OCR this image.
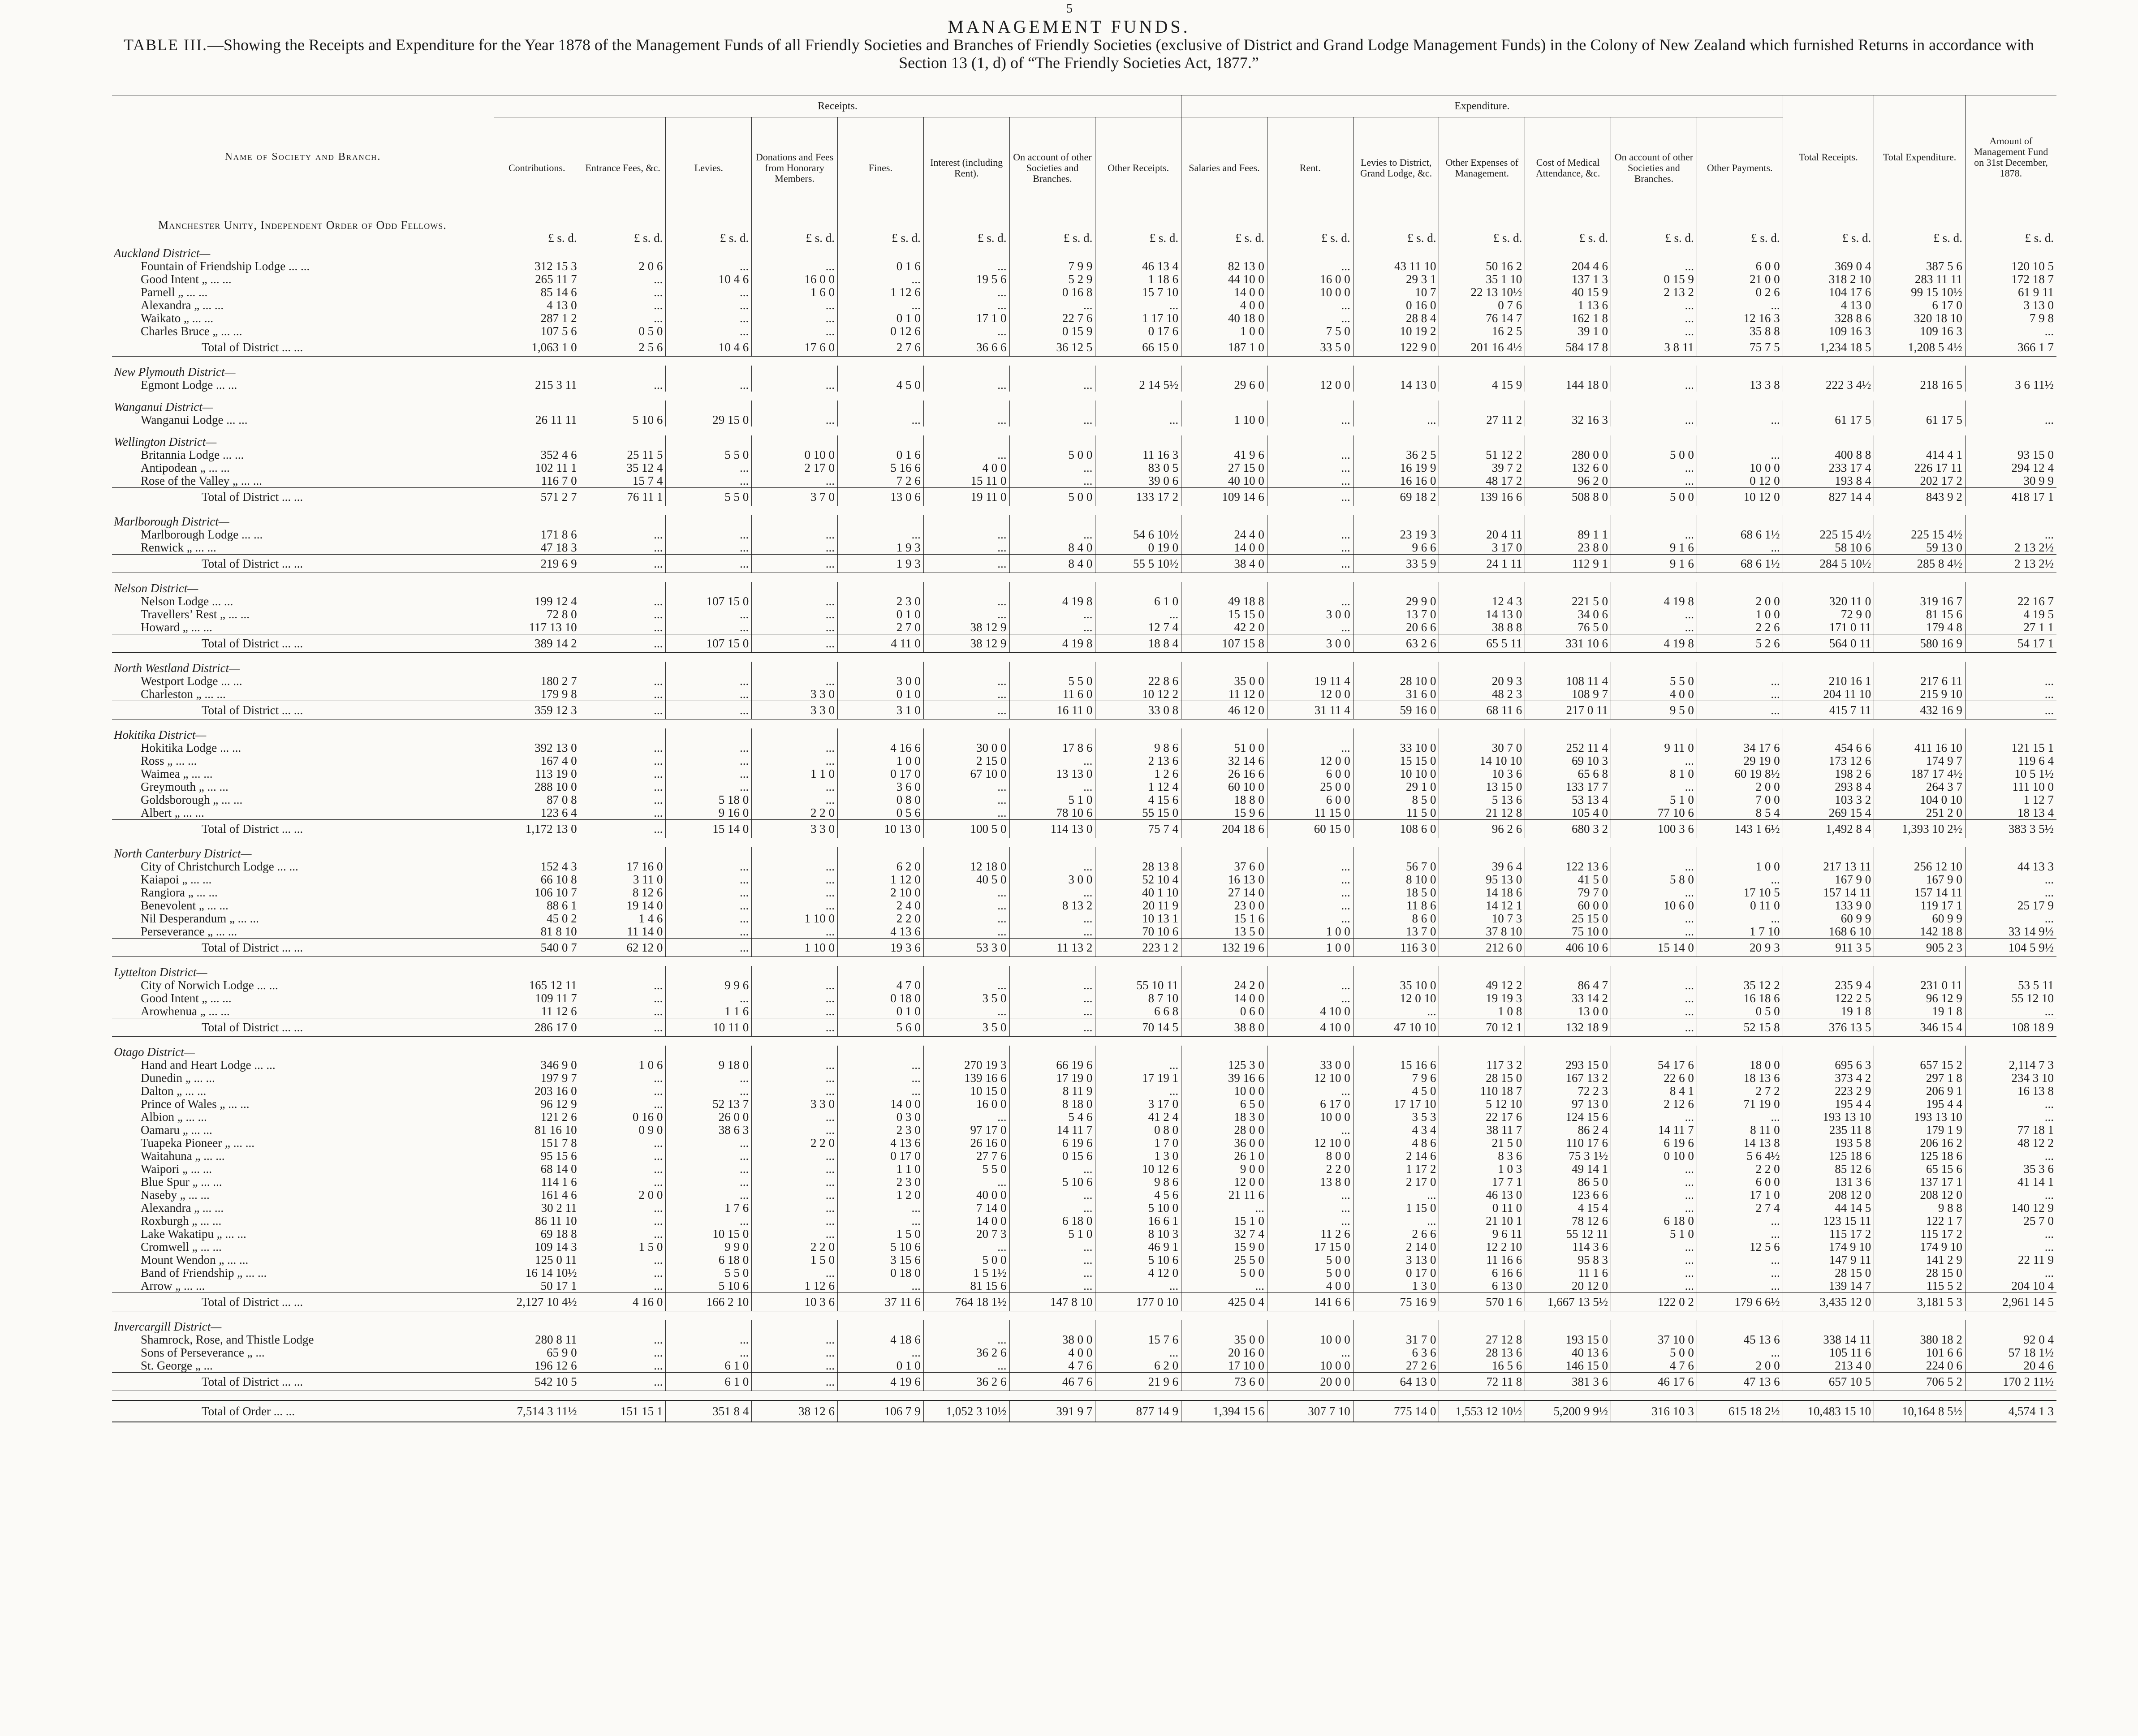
5
MANAGEMENT FUNDS.
TABLE III.—Showing the Receipts and Expenditure for the Year 1878 of the Management Funds of all Friendly Societies and Branches of Friendly Societies (exclusive of District and Grand Lodge Management Funds) in the Colony of New Zealand which furnished Returns in accordance with Section 13 (1, d) of “The Friendly Societies Act, 1877.”
Name of Society and Branch.	Receipts.								Expenditure.							Total Receipts.	Total Expenditure.	Amount of Management Fund on 31st December, 1878.
	Contributions.	Entrance Fees, &c.	Levies.	Donations and Fees from Honorary Members.	Fines.	Interest (including Rent).	On account of other Societies and Branches.	Other Receipts.	Salaries and Fees.	Rent.	Levies to District, Grand Lodge, &c.	Other Expenses of Management.	Cost of Medical Attendance, &c.	On account of other Societies and Branches.	Other Payments.			
Manchester Unity, Independent Order of Odd Fellows.																		
	£ s. d.	£ s. d.	£ s. d.	£ s. d.	£ s. d.	£ s. d.	£ s. d.	£ s. d.	£ s. d.	£ s. d.	£ s. d.	£ s. d.	£ s. d.	£ s. d.	£ s. d.	£ s. d.	£ s. d.	£ s. d.
Auckland District—																		
Fountain of Friendship Lodge ... ...	312 15 3	2 0 6	...	...	0 1 6	...	7 9 9	46 13 4	82 13 0	...	43 11 10	50 16 2	204 4 6	...	6 0 0	369 0 4	387 5 6	120 10 5
Good Intent „ ... ...	265 11 7	...	10 4 6	16 0 0	...	19 5 6	5 2 9	1 18 6	44 10 0	16 0 0	29 3 1	35 1 10	137 1 3	0 15 9	21 0 0	318 2 10	283 11 11	172 18 7
Parnell „ ... ...	85 14 6	...	...	1 6 0	1 12 6	...	0 16 8	15 7 10	14 0 0	10 0 0	10 7	22 13 10½	40 15 9	2 13 2	0 2 6	104 17 6	99 15 10½	61 9 11
Alexandra „ ... ...	4 13 0	...	...	...	...	...	...	...	4 0 0	...	0 16 0	0 7 6	1 13 6	...	...	4 13 0	6 17 0	3 13 0
Waikato „ ... ...	287 1 2	...	...	...	0 1 0	17 1 0	22 7 6	1 17 10	40 18 0	...	28 8 4	76 14 7	162 1 8	...	12 16 3	328 8 6	320 18 10	7 9 8
Charles Bruce „ ... ...	107 5 6	0 5 0	...	...	0 12 6	...	0 15 9	0 17 6	1 0 0	7 5 0	10 19 2	16 2 5	39 1 0	...	35 8 8	109 16 3	109 16 3	...
Total of District ... ...	1,063 1 0	2 5 6	10 4 6	17 6 0	2 7 6	36 6 6	36 12 5	66 15 0	187 1 0	33 5 0	122 9 0	201 16 4½	584 17 8	3 8 11	75 7 5	1,234 18 5	1,208 5 4½	366 1 7

New Plymouth District—																		
Egmont Lodge ... ...	215 3 11	...	...	...	4 5 0	...	...	2 14 5½	29 6 0	12 0 0	14 13 0	4 15 9	144 18 0	...	13 3 8	222 3 4½	218 16 5	3 6 11½

Wanganui District—																		
Wanganui Lodge ... ...	26 11 11	5 10 6	29 15 0	...	...	...	...	...	1 10 0	...	...	27 11 2	32 16 3	...	...	61 17 5	61 17 5	...

Wellington District—																		
Britannia Lodge ... ...	352 4 6	25 11 5	5 5 0	0 10 0	0 1 6	...	5 0 0	11 16 3	41 9 6	...	36 2 5	51 12 2	280 0 0	5 0 0	...	400 8 8	414 4 1	93 15 0
Antipodean „ ... ...	102 11 1	35 12 4	...	2 17 0	5 16 6	4 0 0	...	83 0 5	27 15 0	...	16 19 9	39 7 2	132 6 0	...	10 0 0	233 17 4	226 17 11	294 12 4
Rose of the Valley „ ... ...	116 7 0	15 7 4	...	...	7 2 6	15 11 0	...	39 0 6	40 10 0	...	16 16 0	48 17 2	96 2 0	...	0 12 0	193 8 4	202 17 2	30 9 9
Total of District ... ...	571 2 7	76 11 1	5 5 0	3 7 0	13 0 6	19 11 0	5 0 0	133 17 2	109 14 6	...	69 18 2	139 16 6	508 8 0	5 0 0	10 12 0	827 14 4	843 9 2	418 17 1

Marlborough District—																		
Marlborough Lodge ... ...	171 8 6	...	...	...	...	...	...	54 6 10½	24 4 0	...	23 19 3	20 4 11	89 1 1	...	68 6 1½	225 15 4½	225 15 4½	...
Renwick „ ... ...	47 18 3	...	...	...	1 9 3	...	8 4 0	0 19 0	14 0 0	...	9 6 6	3 17 0	23 8 0	9 1 6	...	58 10 6	59 13 0	2 13 2½
Total of District ... ...	219 6 9	...	...	...	1 9 3	...	8 4 0	55 5 10½	38 4 0	...	33 5 9	24 1 11	112 9 1	9 1 6	68 6 1½	284 5 10½	285 8 4½	2 13 2½

Nelson District—																		
Nelson Lodge ... ...	199 12 4	...	107 15 0	...	2 3 0	...	4 19 8	6 1 0	49 18 8	...	29 9 0	12 4 3	221 5 0	4 19 8	2 0 0	320 11 0	319 16 7	22 16 7
Travellers’ Rest „ ... ...	72 8 0	...	...	...	0 1 0	...	...	...	15 15 0	3 0 0	13 7 0	14 13 0	34 0 6	...	1 0 0	72 9 0	81 15 6	4 19 5
Howard „ ... ...	117 13 10	...	...	...	2 7 0	38 12 9	...	12 7 4	42 2 0	...	20 6 6	38 8 8	76 5 0	...	2 2 6	171 0 11	179 4 8	27 1 1
Total of District ... ...	389 14 2	...	107 15 0	...	4 11 0	38 12 9	4 19 8	18 8 4	107 15 8	3 0 0	63 2 6	65 5 11	331 10 6	4 19 8	5 2 6	564 0 11	580 16 9	54 17 1

North Westland District—																		
Westport Lodge ... ...	180 2 7	...	...	...	3 0 0	...	5 5 0	22 8 6	35 0 0	19 11 4	28 10 0	20 9 3	108 11 4	5 5 0	...	210 16 1	217 6 11	...
Charleston „ ... ...	179 9 8	...	...	3 3 0	0 1 0	...	11 6 0	10 12 2	11 12 0	12 0 0	31 6 0	48 2 3	108 9 7	4 0 0	...	204 11 10	215 9 10	...
Total of District ... ...	359 12 3	...	...	3 3 0	3 1 0	...	16 11 0	33 0 8	46 12 0	31 11 4	59 16 0	68 11 6	217 0 11	9 5 0	...	415 7 11	432 16 9	...

Hokitika District—																		
Hokitika Lodge ... ...	392 13 0	...	...	...	4 16 6	30 0 0	17 8 6	9 8 6	51 0 0	...	33 10 0	30 7 0	252 11 4	9 11 0	34 17 6	454 6 6	411 16 10	121 15 1
Ross „ ... ...	167 4 0	...	...	...	1 0 0	2 15 0	...	2 13 6	32 14 6	12 0 0	15 15 0	14 10 10	69 10 3	...	29 19 0	173 12 6	174 9 7	119 6 4
Waimea „ ... ...	113 19 0	...	...	1 1 0	0 17 0	67 10 0	13 13 0	1 2 6	26 16 6	6 0 0	10 10 0	10 3 6	65 6 8	8 1 0	60 19 8½	198 2 6	187 17 4½	10 5 1½
Greymouth „ ... ...	288 10 0	...	...	...	3 6 0	...	...	1 12 4	60 10 0	25 0 0	29 1 0	13 15 0	133 17 7	...	2 0 0	293 8 4	264 3 7	111 10 0
Goldsborough „ ... ...	87 0 8	...	5 18 0	...	0 8 0	...	5 1 0	4 15 6	18 8 0	6 0 0	8 5 0	5 13 6	53 13 4	5 1 0	7 0 0	103 3 2	104 0 10	1 12 7
Albert „ ... ...	123 6 4	...	9 16 0	2 2 0	0 5 6	...	78 10 6	55 15 0	15 9 6	11 15 0	11 5 0	21 12 8	105 4 0	77 10 6	8 5 4	269 15 4	251 2 0	18 13 4
Total of District ... ...	1,172 13 0	...	15 14 0	3 3 0	10 13 0	100 5 0	114 13 0	75 7 4	204 18 6	60 15 0	108 6 0	96 2 6	680 3 2	100 3 6	143 1 6½	1,492 8 4	1,393 10 2½	383 3 5½

North Canterbury District—																		
City of Christchurch Lodge ... ...	152 4 3	17 16 0	...	...	6 2 0	12 18 0	...	28 13 8	37 6 0	...	56 7 0	39 6 4	122 13 6	...	1 0 0	217 13 11	256 12 10	44 13 3
Kaiapoi „ ... ...	66 10 8	3 11 0	...	...	1 12 0	40 5 0	3 0 0	52 10 4	16 13 0	...	8 10 0	95 13 0	41 5 0	5 8 0	...	167 9 0	167 9 0	...
Rangiora „ ... ...	106 10 7	8 12 6	...	...	2 10 0	...	...	40 1 10	27 14 0	...	18 5 0	14 18 6	79 7 0	...	17 10 5	157 14 11	157 14 11	...
Benevolent „ ... ...	88 6 1	19 14 0	...	...	2 4 0	...	8 13 2	20 11 9	23 0 0	...	11 8 6	14 12 1	60 0 0	10 6 0	0 11 0	133 9 0	119 17 1	25 17 9
Nil Desperandum „ ... ...	45 0 2	1 4 6	...	1 10 0	2 2 0	...	...	10 13 1	15 1 6	...	8 6 0	10 7 3	25 15 0	...	...	60 9 9	60 9 9	...
Perseverance „ ... ...	81 8 10	11 14 0	...	...	4 13 6	...	...	70 10 6	13 5 0	1 0 0	13 7 0	37 8 10	75 10 0	...	1 7 10	168 6 10	142 18 8	33 14 9½
Total of District ... ...	540 0 7	62 12 0	...	1 10 0	19 3 6	53 3 0	11 13 2	223 1 2	132 19 6	1 0 0	116 3 0	212 6 0	406 10 6	15 14 0	20 9 3	911 3 5	905 2 3	104 5 9½

Lyttelton District—																		
City of Norwich Lodge ... ...	165 12 11	...	9 9 6	...	4 7 0	...	...	55 10 11	24 2 0	...	35 10 0	49 12 2	86 4 7	...	35 12 2	235 9 4	231 0 11	53 5 11
Good Intent „ ... ...	109 11 7	...	...	...	0 18 0	3 5 0	...	8 7 10	14 0 0	...	12 0 10	19 19 3	33 14 2	...	16 18 6	122 2 5	96 12 9	55 12 10
Arowhenua „ ... ...	11 12 6	...	1 1 6	...	0 1 0	...	...	6 6 8	0 6 0	4 10 0	...	1 0 8	13 0 0	...	0 5 0	19 1 8	19 1 8	...
Total of District ... ...	286 17 0	...	10 11 0	...	5 6 0	3 5 0	...	70 14 5	38 8 0	4 10 0	47 10 10	70 12 1	132 18 9	...	52 15 8	376 13 5	346 15 4	108 18 9

Otago District—																		
Hand and Heart Lodge ... ...	346 9 0	1 0 6	9 18 0	...	...	270 19 3	66 19 6	...	125 3 0	33 0 0	15 16 6	117 3 2	293 15 0	54 17 6	18 0 0	695 6 3	657 15 2	2,114 7 3
Dunedin „ ... ...	197 9 7	...	...	...	...	139 16 6	17 19 0	17 19 1	39 16 6	12 10 0	7 9 6	28 15 0	167 13 2	22 6 0	18 13 6	373 4 2	297 1 8	234 3 10
Dalton „ ... ...	203 16 0	...	...	...	...	10 15 0	8 11 9	...	10 0 0	...	4 5 0	110 18 7	72 2 3	8 4 1	2 7 2	223 2 9	206 9 1	16 13 8
Prince of Wales „ ... ...	96 12 9	...	52 13 7	3 3 0	14 0 0	16 0 0	8 18 0	3 17 0	6 5 0	6 17 0	17 17 10	5 12 10	97 13 0	2 12 6	71 19 0	195 4 4	195 4 4	...
Albion „ ... ...	121 2 6	0 16 0	26 0 0	...	0 3 0	...	5 4 6	41 2 4	18 3 0	10 0 0	3 5 3	22 17 6	124 15 6	...	...	193 13 10	193 13 10	...
Oamaru „ ... ...	81 16 10	0 9 0	38 6 3	...	2 3 0	97 17 0	14 11 7	0 8 0	28 0 0	...	4 3 4	38 11 7	86 2 4	14 11 7	8 11 0	235 11 8	179 1 9	77 18 1
Tuapeka Pioneer „ ... ...	151 7 8	...	...	2 2 0	4 13 6	26 16 0	6 19 6	1 7 0	36 0 0	12 10 0	4 8 6	21 5 0	110 17 6	6 19 6	14 13 8	193 5 8	206 16 2	48 12 2
Waitahuna „ ... ...	95 15 6	...	...	...	0 17 0	27 7 6	0 15 6	1 3 0	26 1 0	8 0 0	2 14 6	8 3 6	75 3 1½	0 10 0	5 6 4½	125 18 6	125 18 6	...
Waipori „ ... ...	68 14 0	...	...	...	1 1 0	5 5 0	...	10 12 6	9 0 0	2 2 0	1 17 2	1 0 3	49 14 1	...	2 2 0	85 12 6	65 15 6	35 3 6
Blue Spur „ ... ...	114 1 6	...	...	...	2 3 0	...	5 10 6	9 8 6	12 0 0	13 8 0	2 17 0	17 7 1	86 5 0	...	6 0 0	131 3 6	137 17 1	41 14 1
Naseby „ ... ...	161 4 6	2 0 0	...	...	1 2 0	40 0 0	...	4 5 6	21 11 6	...	...	46 13 0	123 6 6	...	17 1 0	208 12 0	208 12 0	...
Alexandra „ ... ...	30 2 11	...	1 7 6	...	...	7 14 0	...	5 10 0	...	...	1 15 0	0 11 0	4 15 4	...	2 7 4	44 14 5	9 8 8	140 12 9
Roxburgh „ ... ...	86 11 10	...	...	...	...	14 0 0	6 18 0	16 6 1	15 1 0	...	...	21 10 1	78 12 6	6 18 0	...	123 15 11	122 1 7	25 7 0
Lake Wakatipu „ ... ...	69 18 8	...	10 15 0	...	1 5 0	20 7 3	5 1 0	8 10 3	32 7 4	11 2 6	2 6 6	9 6 11	55 12 11	5 1 0	...	115 17 2	115 17 2	...
Cromwell „ ... ...	109 14 3	1 5 0	9 9 0	2 2 0	5 10 6	...	...	46 9 1	15 9 0	17 15 0	2 14 0	12 2 10	114 3 6	...	12 5 6	174 9 10	174 9 10	...
Mount Wendon „ ... ...	125 0 11	...	6 18 0	1 5 0	3 15 6	5 0 0	...	5 10 6	25 5 0	5 0 0	3 13 0	11 16 6	95 8 3	...	...	147 9 11	141 2 9	22 11 9
Band of Friendship „ ... ...	16 14 10½	...	5 5 0	...	0 18 0	1 5 1½	...	4 12 0	5 0 0	5 0 0	0 17 0	6 16 6	11 1 6	...	...	28 15 0	28 15 0	...
Arrow „ ... ...	50 17 1	...	5 10 6	1 12 6	...	81 15 6	...	...	...	4 0 0	1 3 0	6 13 0	20 12 0	...	...	139 14 7	115 5 2	204 10 4
Total of District ... ...	2,127 10 4½	4 16 0	166 2 10	10 3 6	37 11 6	764 18 1½	147 8 10	177 0 10	425 0 4	141 6 6	75 16 9	570 1 6	1,667 13 5½	122 0 2	179 6 6½	3,435 12 0	3,181 5 3	2,961 14 5

Invercargill District—																		
Shamrock, Rose, and Thistle Lodge	280 8 11	...	...	...	4 18 6	...	38 0 0	15 7 6	35 0 0	10 0 0	31 7 0	27 12 8	193 15 0	37 10 0	45 13 6	338 14 11	380 18 2	92 0 4
Sons of Perseverance „ ...	65 9 0	...	...	...	...	36 2 6	4 0 0	...	20 16 0	...	6 3 6	28 13 6	40 13 6	5 0 0	...	105 11 6	101 6 6	57 18 1½
St. George „ ...	196 12 6	...	6 1 0	...	0 1 0	...	4 7 6	6 2 0	17 10 0	10 0 0	27 2 6	16 5 6	146 15 0	4 7 6	2 0 0	213 4 0	224 0 6	20 4 6
Total of District ... ...	542 10 5	...	6 1 0	...	4 19 6	36 2 6	46 7 6	21 9 6	73 6 0	20 0 0	64 13 0	72 11 8	381 3 6	46 17 6	47 13 6	657 10 5	706 5 2	170 2 11½

Total of Order ... ...	7,514 3 11½	151 15 1	351 8 4	38 12 6	106 7 9	1,052 3 10½	391 9 7	877 14 9	1,394 15 6	307 7 10	775 14 0	1,553 12 10½	5,200 9 9½	316 10 3	615 18 2½	10,483 15 10	10,164 8 5½	4,574 1 3
